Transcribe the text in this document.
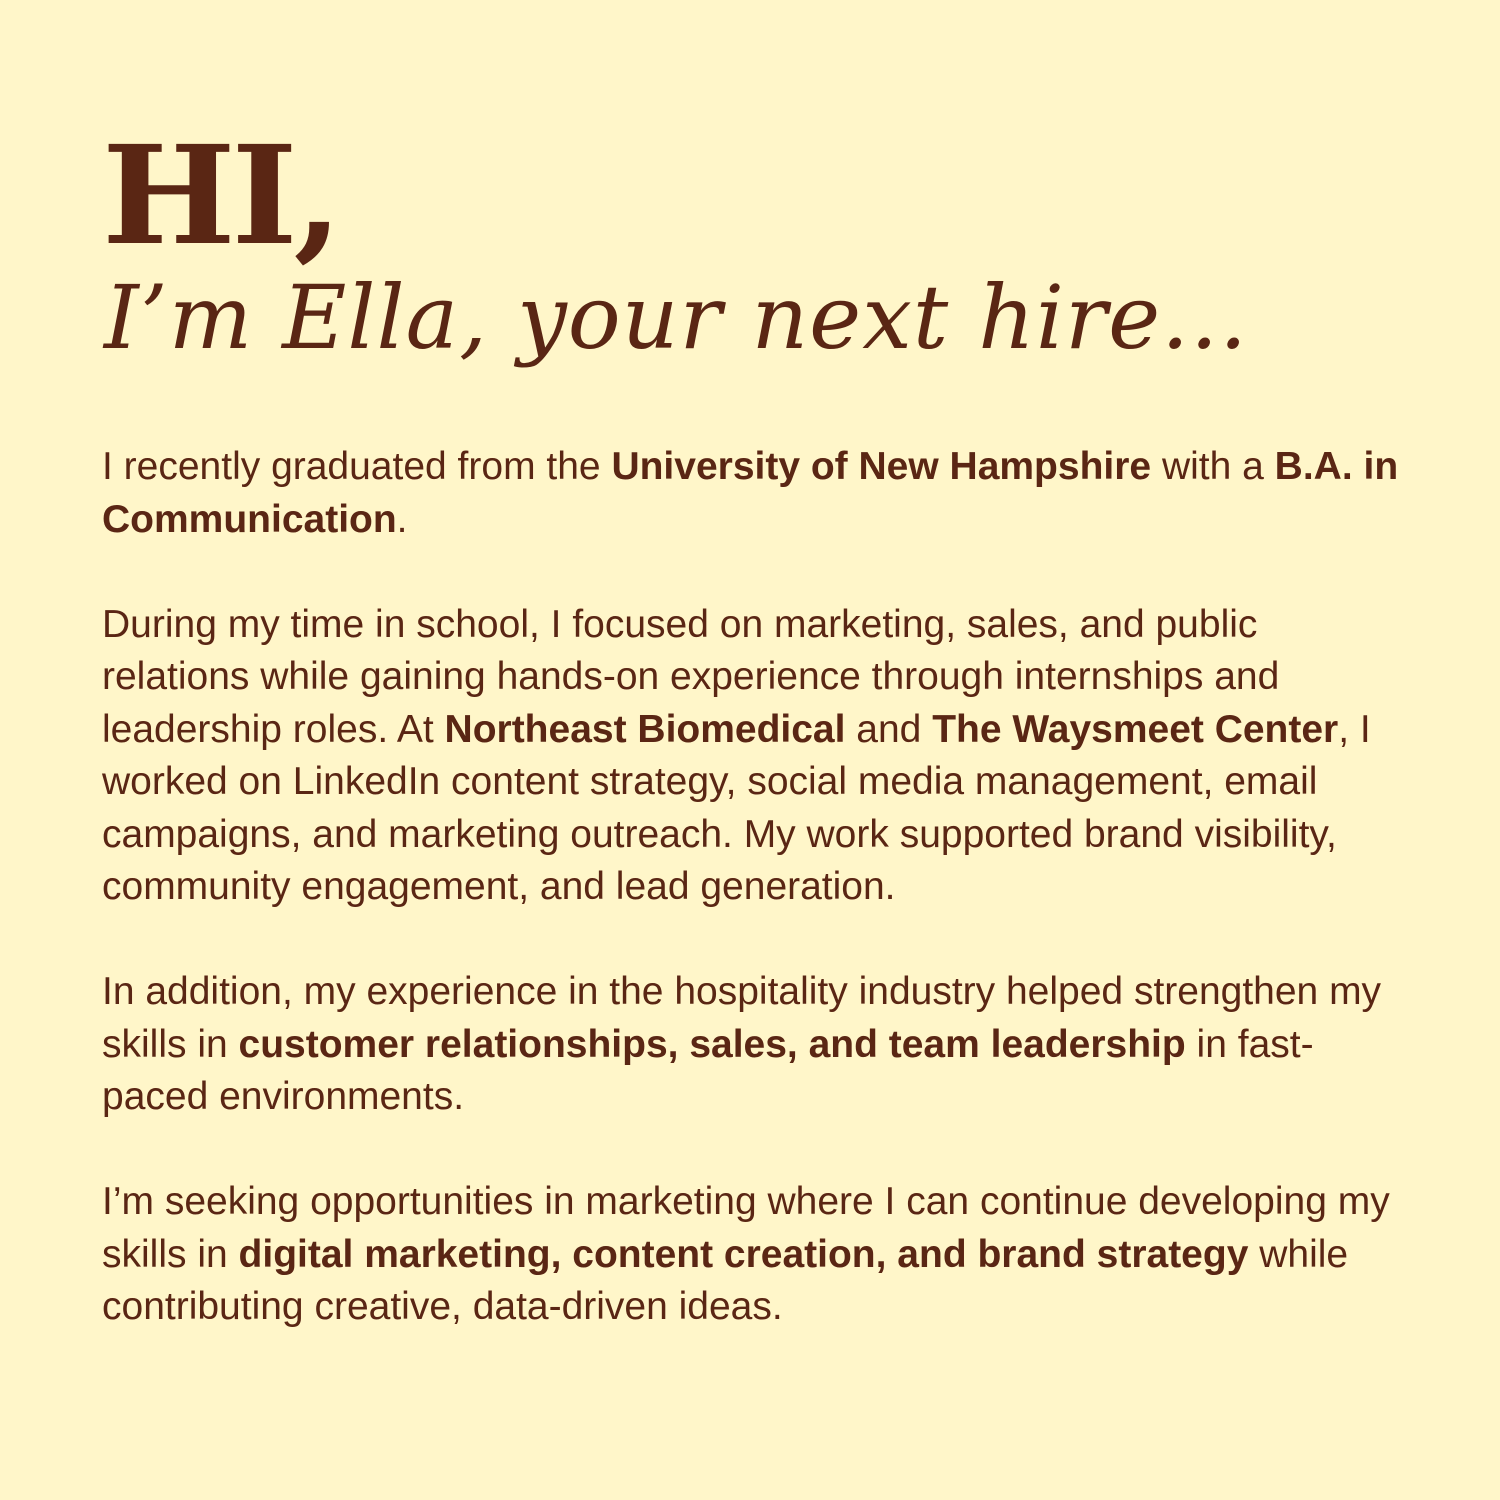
HI,
I’m Ella, your next hire...

I recently graduated from the University of New Hampshire with a B.A. in Communication.

During my time in school, I focused on marketing, sales, and public relations while gaining hands-on experience through internships and leadership roles. At Northeast Biomedical and The Waysmeet Center, I worked on LinkedIn content strategy, social media management, email campaigns, and marketing outreach. My work supported brand visibility, community engagement, and lead generation.

In addition, my experience in the hospitality industry helped strengthen my skills in customer relationships, sales, and team leadership in fast-paced environments.

I’m seeking opportunities in marketing where I can continue developing my skills in digital marketing, content creation, and brand strategy while contributing creative, data-driven ideas.
